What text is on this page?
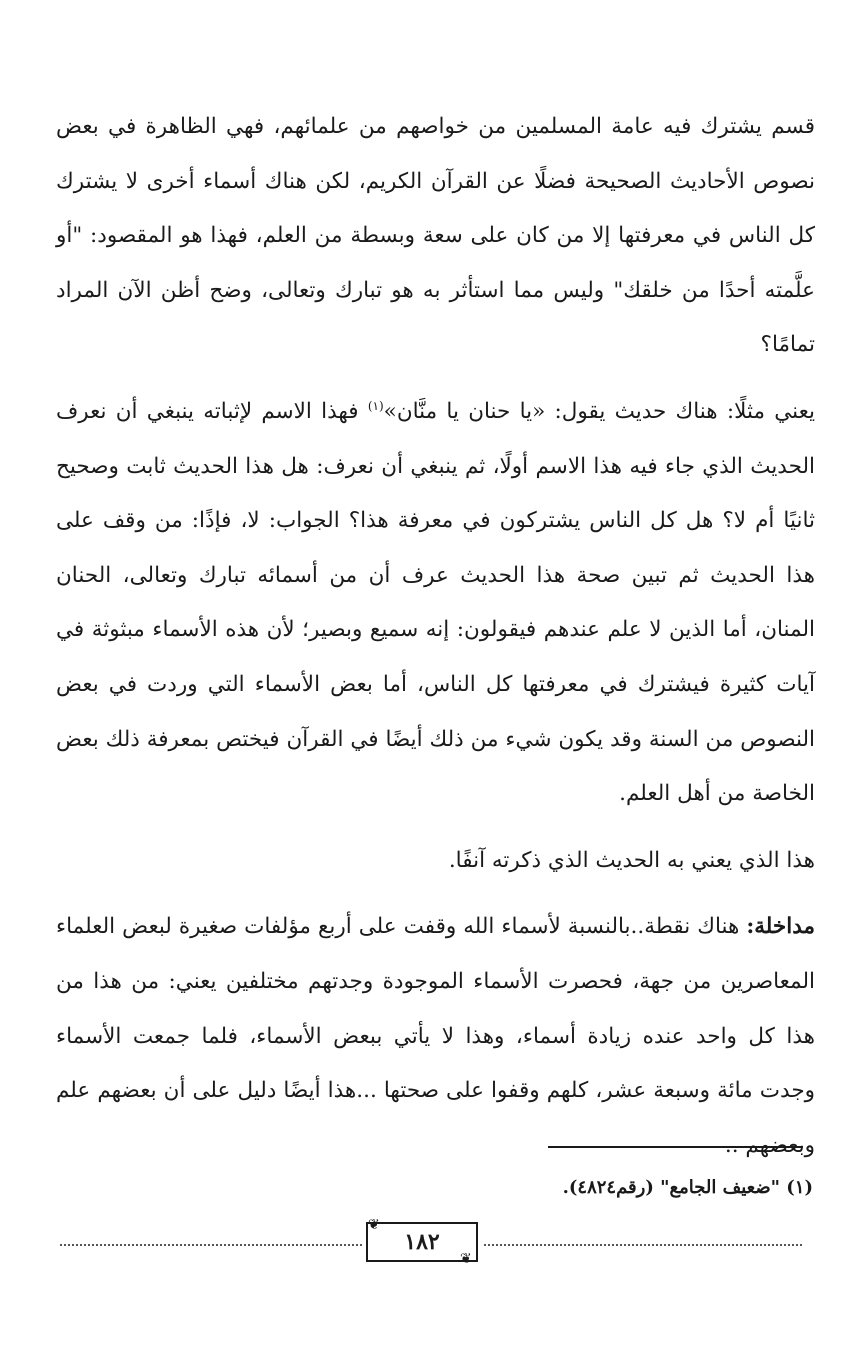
قسم يشترك فيه عامة المسلمين من خواصهم من علمائهم، فهي الظاهرة في بعض نصوص الأحاديث الصحيحة فضلًا عن القرآن الكريم، لكن هناك أسماء أخرى لا يشترك كل الناس في معرفتها إلا من كان على سعة وبسطة من العلم، فهذا هو المقصود: "أو علَّمته أحدًا من خلقك" وليس مما استأثر به هو تبارك وتعالى، وضح أظن الآن المراد تمامًا؟

يعني مثلًا: هناك حديث يقول: «يا حنان يا منَّان»$^{(١)}$ فهذا الاسم لإثباته ينبغي أن نعرف الحديث الذي جاء فيه هذا الاسم أولًا، ثم ينبغي أن نعرف: هل هذا الحديث ثابت وصحيح ثانيًا أم لا؟ هل كل الناس يشتركون في معرفة هذا؟ الجواب: لا، فإذًا: من وقف على هذا الحديث ثم تبين صحة هذا الحديث عرف أن من أسمائه تبارك وتعالى، الحنان المنان، أما الذين لا علم عندهم فيقولون: إنه سميع وبصير؛ لأن هذه الأسماء مبثوثة في آيات كثيرة فيشترك في معرفتها كل الناس، أما بعض الأسماء التي وردت في بعض النصوص من السنة وقد يكون شيء من ذلك أيضًا في القرآن فيختص بمعرفة ذلك بعض الخاصة من أهل العلم.

هذا الذي يعني به الحديث الذي ذكرته آنفًا.

مداخلة: هناك نقطة..بالنسبة لأسماء الله وقفت على أربع مؤلفات صغيرة لبعض العلماء المعاصرين من جهة، فحصرت الأسماء الموجودة وجدتهم مختلفين يعني: من هذا من هذا كل واحد عنده زيادة أسماء، وهذا لا يأتي ببعض الأسماء، فلما جمعت الأسماء وجدت مائة وسبعة عشر، كلهم وقفوا على صحتها ...هذا أيضًا دليل على أن بعضهم علم وبعضهم ..

(١) "ضعيف الجامع" (رقم٤٨٢٤).
١٨٢
❦
❦
